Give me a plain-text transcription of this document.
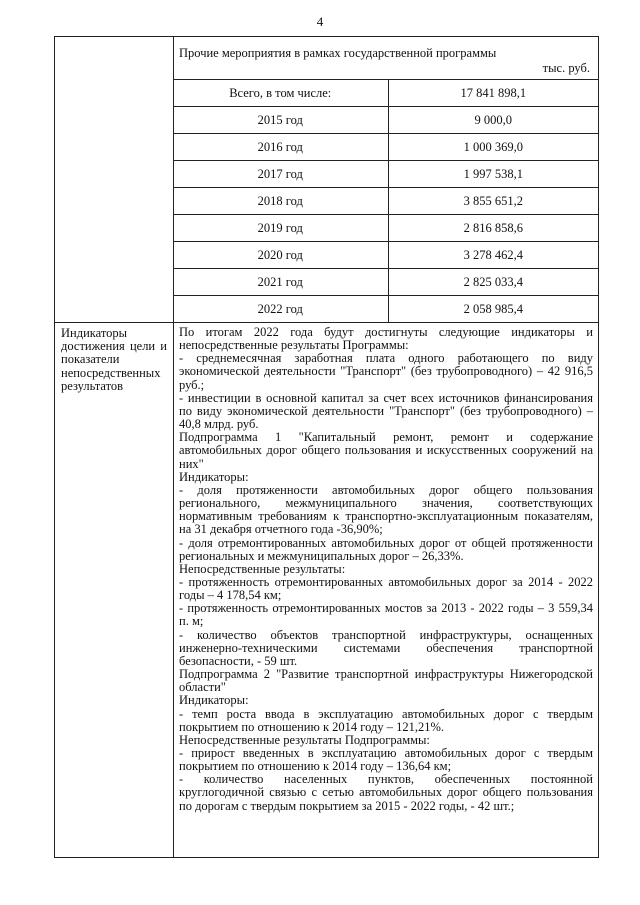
4
Прочие мероприятия в рамках государственной программы
тыс. руб.
Всего, в том числе:	17 841 898,1
2015 год	9 000,0
2016 год	1 000 369,0
2017 год	1 997 538,1
2018 год	3 855 651,2
2019 год	2 816 858,6
2020 год	3 278 462,4
2021 год	2 825 033,4
2022 год	2 058 985,4
Индикаторы достижения цели и показатели непосредственных результатов

По итогам 2022 года будут достигнуты следующие индикаторы и непосредственные результаты Программы:

- среднемесячная заработная плата одного работающего по виду экономической деятельности "Транспорт" (без трубопроводного) – 42 916,5 руб.;

- инвестиции в основной капитал за счет всех источников финансирования по виду экономической деятельности "Транспорт" (без трубопроводного) – 40,8 млрд. руб.

Подпрограмма 1 "Капитальный ремонт, ремонт и содержание автомобильных дорог общего пользования и искусственных сооружений на них"

Индикаторы:

- доля протяженности автомобильных дорог общего пользования регионального, межмуниципального значения, соответствующих нормативным требованиям к транспортно-эксплуатационным показателям, на 31 декабря отчетного года -36,90%;

- доля отремонтированных автомобильных дорог от общей протяженности региональных и межмуниципальных дорог – 26,33%.

Непосредственные результаты:

- протяженность отремонтированных автомобильных дорог за 2014 - 2022 годы – 4 178,54 км;

- протяженность отремонтированных мостов за 2013 - 2022 годы – 3 559,34 п. м;

- количество объектов транспортной инфраструктуры, оснащенных инженерно-техническими системами обеспечения транспортной безопасности, - 59 шт.

Подпрограмма 2 "Развитие транспортной инфраструктуры Нижегородской области"

Индикаторы:

- темп роста ввода в эксплуатацию автомобильных дорог с твердым покрытием по отношению к 2014 году – 121,21%.

Непосредственные результаты Подпрограммы:

- прирост введенных в эксплуатацию автомобильных дорог с твердым покрытием по отношению к 2014 году – 136,64 км;

- количество населенных пунктов, обеспеченных постоянной круглогодичной связью с сетью автомобильных дорог общего пользования по дорогам с твердым покрытием за 2015 - 2022 годы, - 42 шт.;
